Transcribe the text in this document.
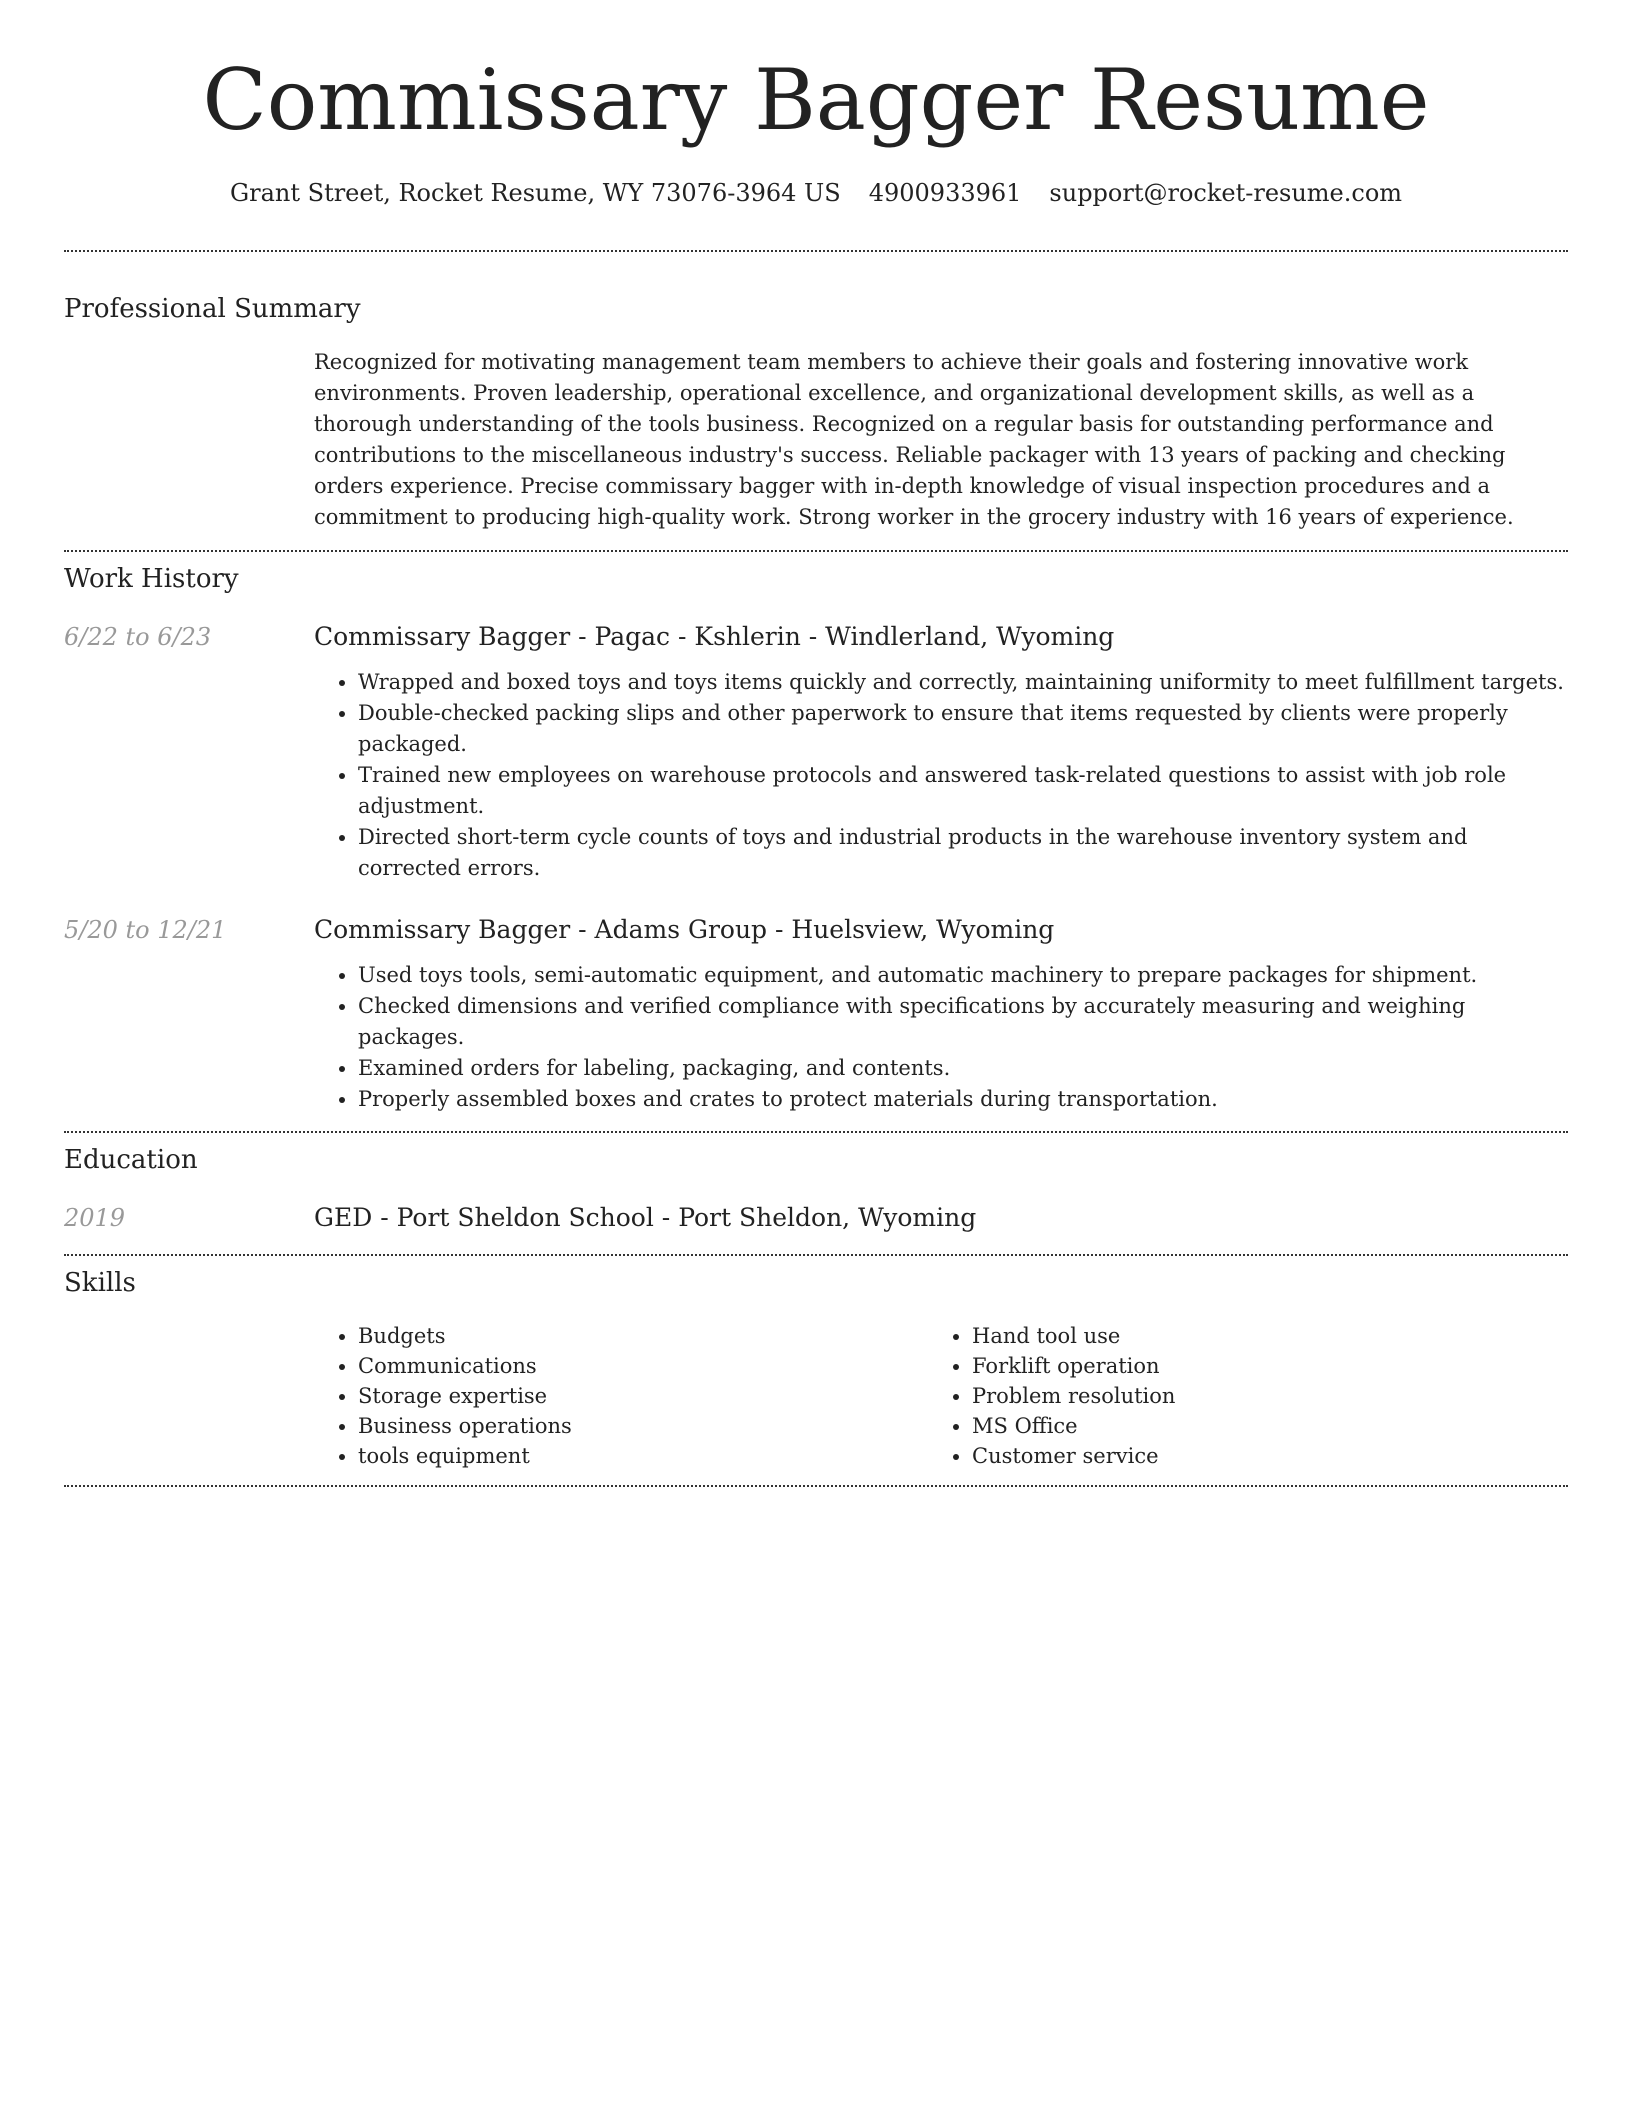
Commissary Bagger Resume
Grant Street, Rocket Resume, WY 73076-3964 US 4900933961 support@rocket-resume.com
Professional Summary

Recognized for motivating management team members to achieve their goals and fostering innovative work environments. Proven leadership, operational excellence, and organizational development skills, as well as a thorough understanding of the tools business. Recognized on a regular basis for outstanding performance and contributions to the miscellaneous industry's success. Reliable packager with 13 years of packing and checking orders experience. Precise commissary bagger with in-depth knowledge of visual inspection procedures and a commitment to producing high-quality work. Strong worker in the grocery industry with 16 years of experience.

Work History
6/22 to 6/23	Commissary Bagger - Pagac - Kshlerin - Windlerland, Wyoming
• Wrapped and boxed toys and toys items quickly and correctly, maintaining uniformity to meet fulfillment targets.
• Double-checked packing slips and other paperwork to ensure that items requested by clients were properly packaged.
• Trained new employees on warehouse protocols and answered task-related questions to assist with job role adjustment.
• Directed short-term cycle counts of toys and industrial products in the warehouse inventory system and corrected errors.
5/20 to 12/21	Commissary Bagger - Adams Group - Huelsview, Wyoming
• Used toys tools, semi-automatic equipment, and automatic machinery to prepare packages for shipment.
• Checked dimensions and verified compliance with specifications by accurately measuring and weighing packages.
• Examined orders for labeling, packaging, and contents.
• Properly assembled boxes and crates to protect materials during transportation.
Education
2019	GED - Port Sheldon School - Port Sheldon, Wyoming
Skills
• Budgets
• Communications
• Storage expertise
• Business operations
• tools equipment
• Hand tool use
• Forklift operation
• Problem resolution
• MS Office
• Customer service
